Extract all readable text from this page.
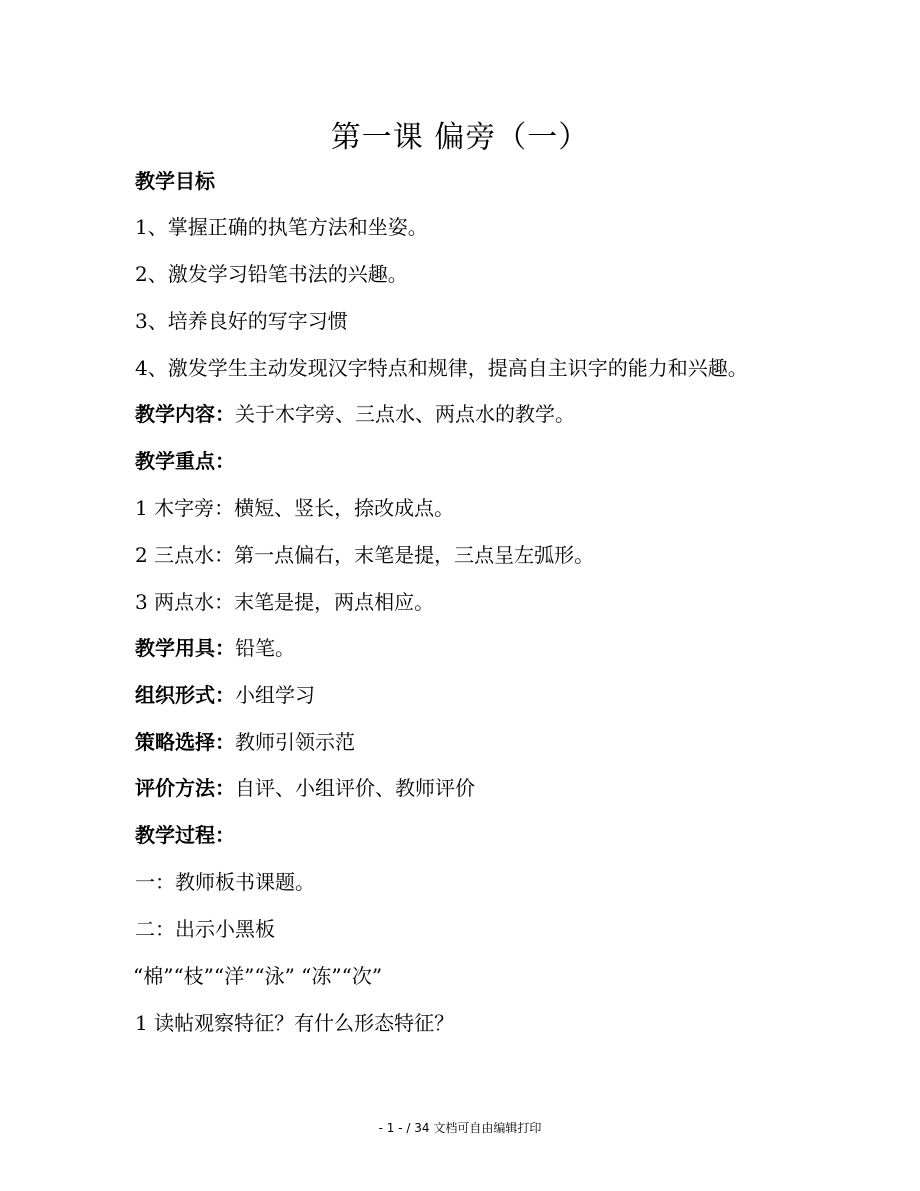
第一课 偏旁（一）
教学目标
1、掌握正确的执笔方法和坐姿。
2、激发学习铅笔书法的兴趣。
3、培养良好的写字习惯
4、激发学生主动发现汉字特点和规律，提高自主识字的能力和兴趣。
教学内容：关于木字旁、三点水、两点水的教学。
教学重点：
1 木字旁：横短、竖长，捺改成点。
2 三点水：第一点偏右，末笔是提，三点呈左弧形。
3 两点水：末笔是提，两点相应。
教学用具：铅笔。
组织形式：小组学习
策略选择：教师引领示范
评价方法：自评、小组评价、教师评价
教学过程：
一：教师板书课题。
二：出示小黑板
“棉”“枝”“洋”“泳” “冻”“次”
1 读帖观察特征？有什么形态特征？
- 1 - / 34 文档可自由编辑打印
